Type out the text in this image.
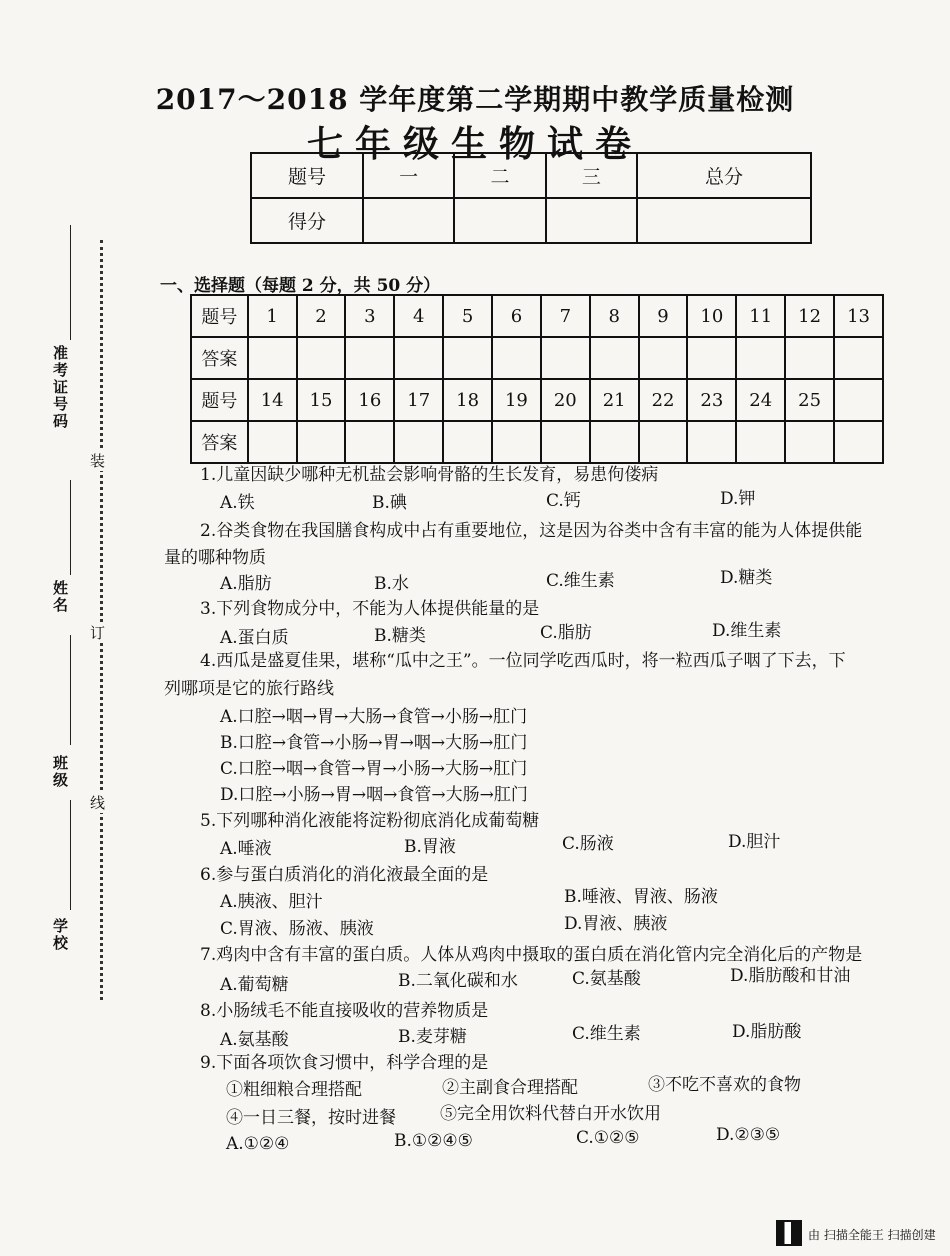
2017～2018 学年度第二学期期中教学质量检测
七年级生物试卷
题号	一	二	三	总分
得分				
一、选择题（每题 2 分，共 50 分）
题号	1	2	3	4	5	6	7	8	9	10	11	12	13
答案													
题号	14	15	16	17	18	19	20	21	22	23	24	25	
答案													
1.儿童因缺少哪种无机盐会影响骨骼的生长发育，易患佝偻病
A.铁	B.碘	C.钙	D.钾
2.谷类食物在我国膳食构成中占有重要地位，这是因为谷类中含有丰富的能为人体提供能
量的哪种物质
A.脂肪	B.水	C.维生素	D.糖类
3.下列食物成分中，不能为人体提供能量的是
A.蛋白质	B.糖类	C.脂肪	D.维生素
4.西瓜是盛夏佳果，堪称“瓜中之王”。一位同学吃西瓜时，将一粒西瓜子咽了下去，下
列哪项是它的旅行路线
A.口腔→咽→胃→大肠→食管→小肠→肛门
B.口腔→食管→小肠→胃→咽→大肠→肛门
C.口腔→咽→食管→胃→小肠→大肠→肛门
D.口腔→小肠→胃→咽→食管→大肠→肛门
5.下列哪种消化液能将淀粉彻底消化成葡萄糖
A.唾液	B.胃液	C.肠液	D.胆汁
6.参与蛋白质消化的消化液最全面的是
A.胰液、胆汁	B.唾液、胃液、肠液
C.胃液、肠液、胰液	D.胃液、胰液
7.鸡肉中含有丰富的蛋白质。人体从鸡肉中摄取的蛋白质在消化管内完全消化后的产物是
A.葡萄糖	B.二氧化碳和水	C.氨基酸	D.脂肪酸和甘油
8.小肠绒毛不能直接吸收的营养物质是
A.氨基酸	B.麦芽糖	C.维生素	D.脂肪酸
9.下面各项饮食习惯中，科学合理的是
①粗细粮合理搭配	②主副食合理搭配	③不吃不喜欢的食物
④一日三餐，按时进餐	⑤完全用饮料代替白开水饮用
A.①②④	B.①②④⑤	C.①②⑤	D.②③⑤
装
订
线
准考证号码
姓名
班级
学校
由 扫描全能王 扫描创建
